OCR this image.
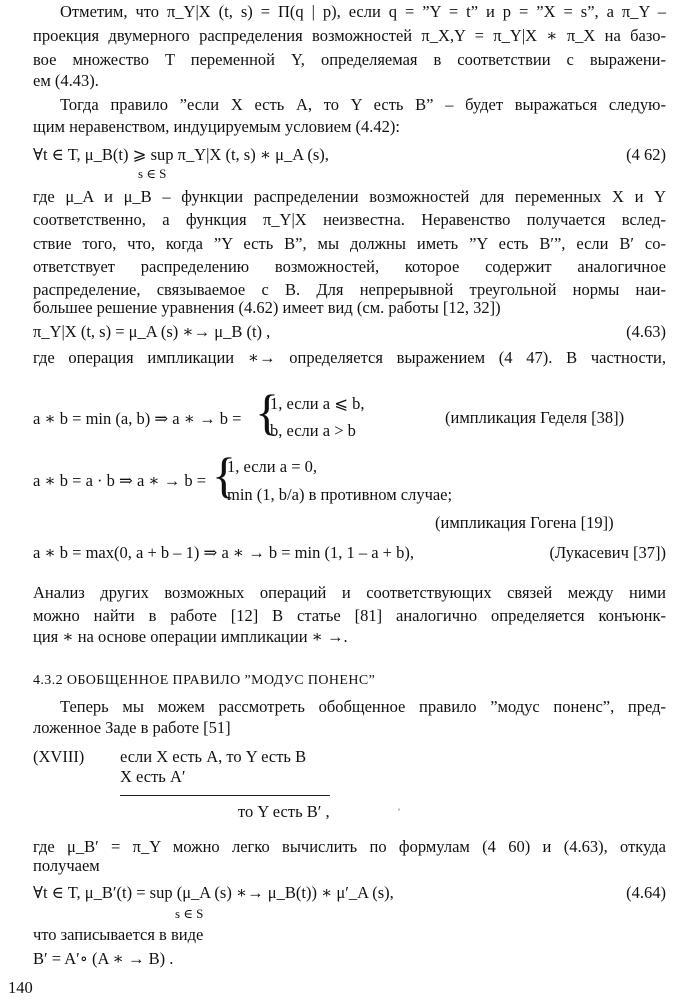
Отметим, что π_Y|X (t, s) = П(q | p), если q = ”Y = t” и p = ”X = s”, а π_Y –
проекция двумерного распределения возможностей π_X,Y = π_Y|X ∗ π_X на базо-
вое множество T переменной Y, определяемая в соответствии с выражени-
ем (4.43).
Тогда правило ”если X есть A, то Y есть B” – будет выражаться следую-
щим неравенством, индуцируемым условием (4.42):
∀t ∈ T, μ_B(t) ⩾ sup π_Y|X (t, s) ∗ μ_A (s),
s ∈ S
(4 62)
где μ_A и μ_B – функции распределении возможностей для переменных X и Y
соответственно, а функция π_Y|X неизвестна. Неравенство получается вслед-
ствие того, что, когда ”Y есть B”, мы должны иметь ”Y есть B′”, если B′ со-
ответствует распределению возможностей, которое содержит аналогичное
распределение, связываемое с B. Для непрерывной треугольной нормы наи-
большее решение уравнения (4.62) имеет вид (см. работы [12, 32])
π_Y|X (t, s) = μ_A (s) ∗→ μ_B (t) ,	(4.63)
где операция импликации ∗→ определяется выражением (4 47). В частности,
a ∗ b = min (a, b) ⇒ a ∗ → b = {
1, если a ⩽ b,
b, если a > b
(импликация Геделя [38])
a ∗ b = a · b ⇒ a ∗ → b = {
1, если a = 0,
min (1, b/a) в противном случае;
(импликация Гогена [19])
a ∗ b = max(0, a + b – 1) ⇒ a ∗ → b = min (1, 1 – a + b),	(Лукасевич [37])
Анализ других возможных операций и соответствующих связей между ними
можно найти в работе [12] В статье [81] аналогично определяется конъюнк-
ция ∗ на основе операции импликации ∗ →.
4.3.2 ОБОБЩЕННОЕ ПРАВИЛО ”МОДУС ПОНЕНС”
Теперь мы можем рассмотреть обобщенное правило ”модус поненс”, пред-
ложенное Заде в работе [51]
(XVIII) если X есть A, то Y есть B
X есть A′
ˌ
то Y есть B′ ,
где μ_B′ = π_Y можно легко вычислить по формулам (4 60) и (4.63), откуда
получаем
∀t ∈ T, μ_B′(t) = sup (μ_A (s) ∗→ μ_B(t)) ∗ μ′_A (s),
s ∈ S
(4.64)
что записывается в виде
B′ = A′∘ (A ∗ → B) .
140
